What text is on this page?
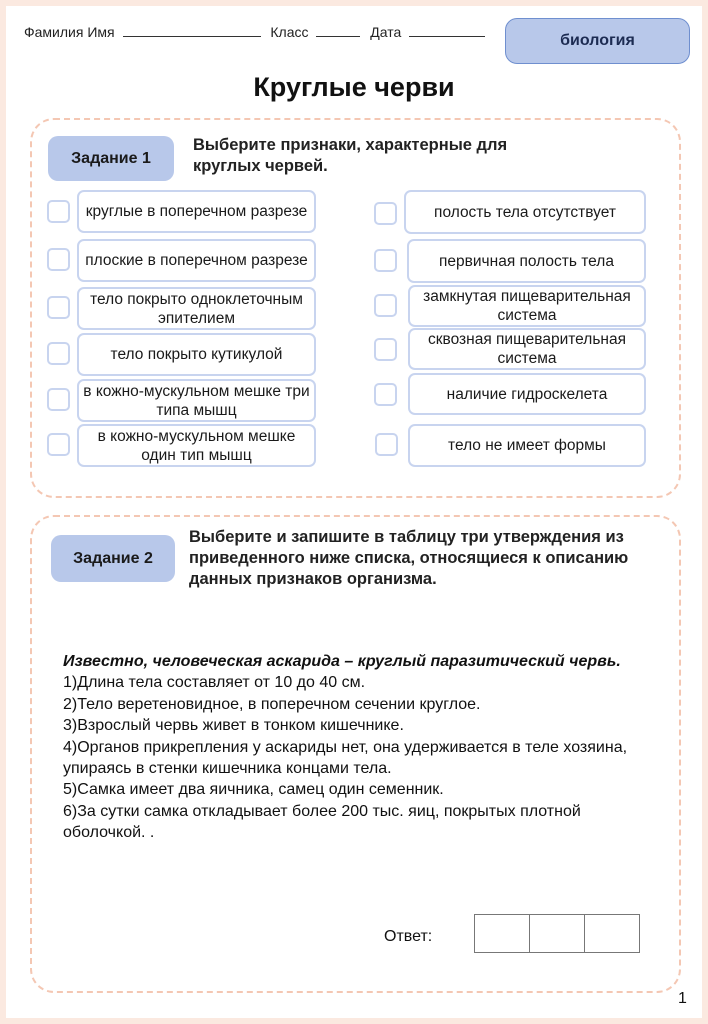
Фамилия Имя	Класс	Дата	биология
Круглые черви
Задание 1
Выберите признаки, характерные для круглых червей.
круглые в поперечном разрезе
плоские в поперечном разрезе
тело покрыто одноклеточным эпителием
тело покрыто кутикулой
в кожно-мускульном мешке три типа мышц
в кожно-мускульном мешке один тип мышц
полость тела отсутствует
первичная полость тела
замкнутая пищеварительная система
сквозная пищеварительная система
наличие гидроскелета
тело не имеет формы
Задание 2
Выберите и запишите в таблицу три утверждения из приведенного ниже списка, относящиеся к описанию данных признаков организма.

Известно, человеческая аскарида – круглый паразитический червь.

1)Длина тела составляет от 10 до 40 см.

2)Тело веретеновидное, в поперечном сечении круглое.

3)Взрослый червь живет в тонком кишечнике.

4)Органов прикрепления у аскариды нет, она удерживается в теле хозяина, упираясь в стенки кишечника концами тела.

5)Самка имеет два яичника, самец один семенник.

6)За сутки самка откладывает более 200 тыс. яиц, покрытых плотной оболочкой. .

Ответ:
1
